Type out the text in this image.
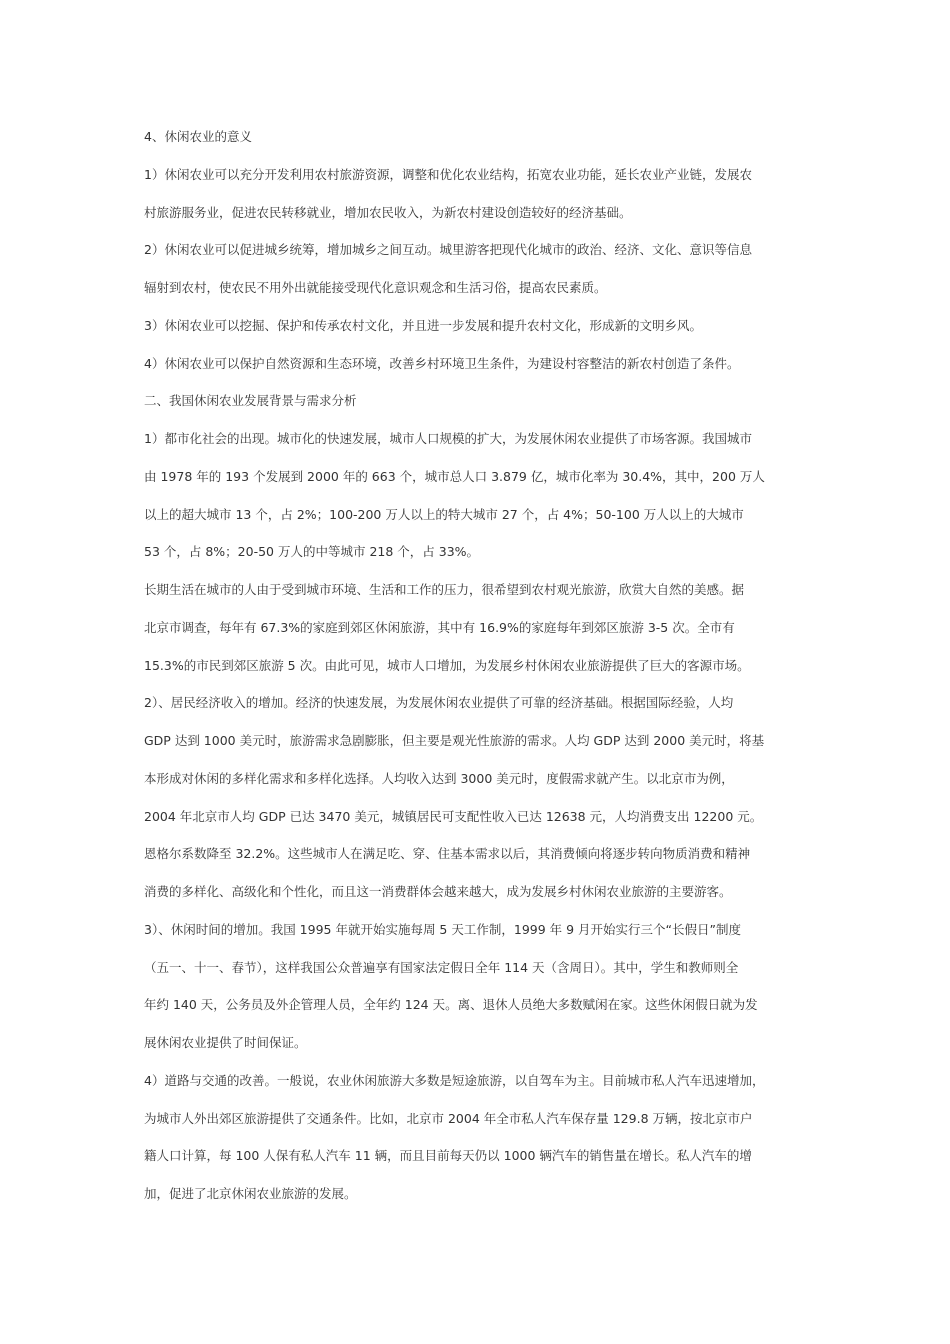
4、休闲农业的意义
1）休闲农业可以充分开发利用农村旅游资源，调整和优化农业结构，拓宽农业功能，延长农业产业链，发展农
村旅游服务业，促进农民转移就业，增加农民收入，为新农村建设创造较好的经济基础。
2）休闲农业可以促进城乡统筹，增加城乡之间互动。城里游客把现代化城市的政治、经济、文化、意识等信息
辐射到农村，使农民不用外出就能接受现代化意识观念和生活习俗，提高农民素质。
3）休闲农业可以挖掘、保护和传承农村文化，并且进一步发展和提升农村文化，形成新的文明乡风。
4）休闲农业可以保护自然资源和生态环境，改善乡村环境卫生条件，为建设村容整洁的新农村创造了条件。
二、我国休闲农业发展背景与需求分析
1）都市化社会的出现。城市化的快速发展，城市人口规模的扩大，为发展休闲农业提供了市场客源。我国城市
由 1978 年的 193 个发展到 2000 年的 663 个，城市总人口 3.879 亿，城市化率为 30.4%，其中，200 万人
以上的超大城市 13 个，占 2%；100-200 万人以上的特大城市 27 个，占 4%；50-100 万人以上的大城市
53 个，占 8%；20-50 万人的中等城市 218 个，占 33%。
长期生活在城市的人由于受到城市环境、生活和工作的压力，很希望到农村观光旅游，欣赏大自然的美感。据
北京市调查，每年有 67.3%的家庭到郊区休闲旅游，其中有 16.9%的家庭每年到郊区旅游 3-5 次。全市有
15.3%的市民到郊区旅游 5 次。由此可见，城市人口增加，为发展乡村休闲农业旅游提供了巨大的客源市场。
2）、居民经济收入的增加。经济的快速发展，为发展休闲农业提供了可靠的经济基础。根据国际经验，人均
GDP 达到 1000 美元时，旅游需求急剧膨胀，但主要是观光性旅游的需求。人均 GDP 达到 2000 美元时，将基
本形成对休闲的多样化需求和多样化选择。人均收入达到 3000 美元时，度假需求就产生。以北京市为例，
2004 年北京市人均 GDP 已达 3470 美元，城镇居民可支配性收入已达 12638 元，人均消费支出 12200 元。
恩格尔系数降至 32.2%。这些城市人在满足吃、穿、住基本需求以后，其消费倾向将逐步转向物质消费和精神
消费的多样化、高级化和个性化，而且这一消费群体会越来越大，成为发展乡村休闲农业旅游的主要游客。
3）、休闲时间的增加。我国 1995 年就开始实施每周 5 天工作制，1999 年 9 月开始实行三个“长假日”制度
（五一、十一、春节），这样我国公众普遍享有国家法定假日全年 114 天（含周日）。其中，学生和教师则全
年约 140 天，公务员及外企管理人员，全年约 124 天。离、退休人员绝大多数赋闲在家。这些休闲假日就为发
展休闲农业提供了时间保证。
4）道路与交通的改善。一般说，农业休闲旅游大多数是短途旅游，以自驾车为主。目前城市私人汽车迅速增加，
为城市人外出郊区旅游提供了交通条件。比如，北京市 2004 年全市私人汽车保存量 129.8 万辆，按北京市户
籍人口计算，每 100 人保有私人汽车 11 辆，而且目前每天仍以 1000 辆汽车的销售量在增长。私人汽车的增
加，促进了北京休闲农业旅游的发展。
